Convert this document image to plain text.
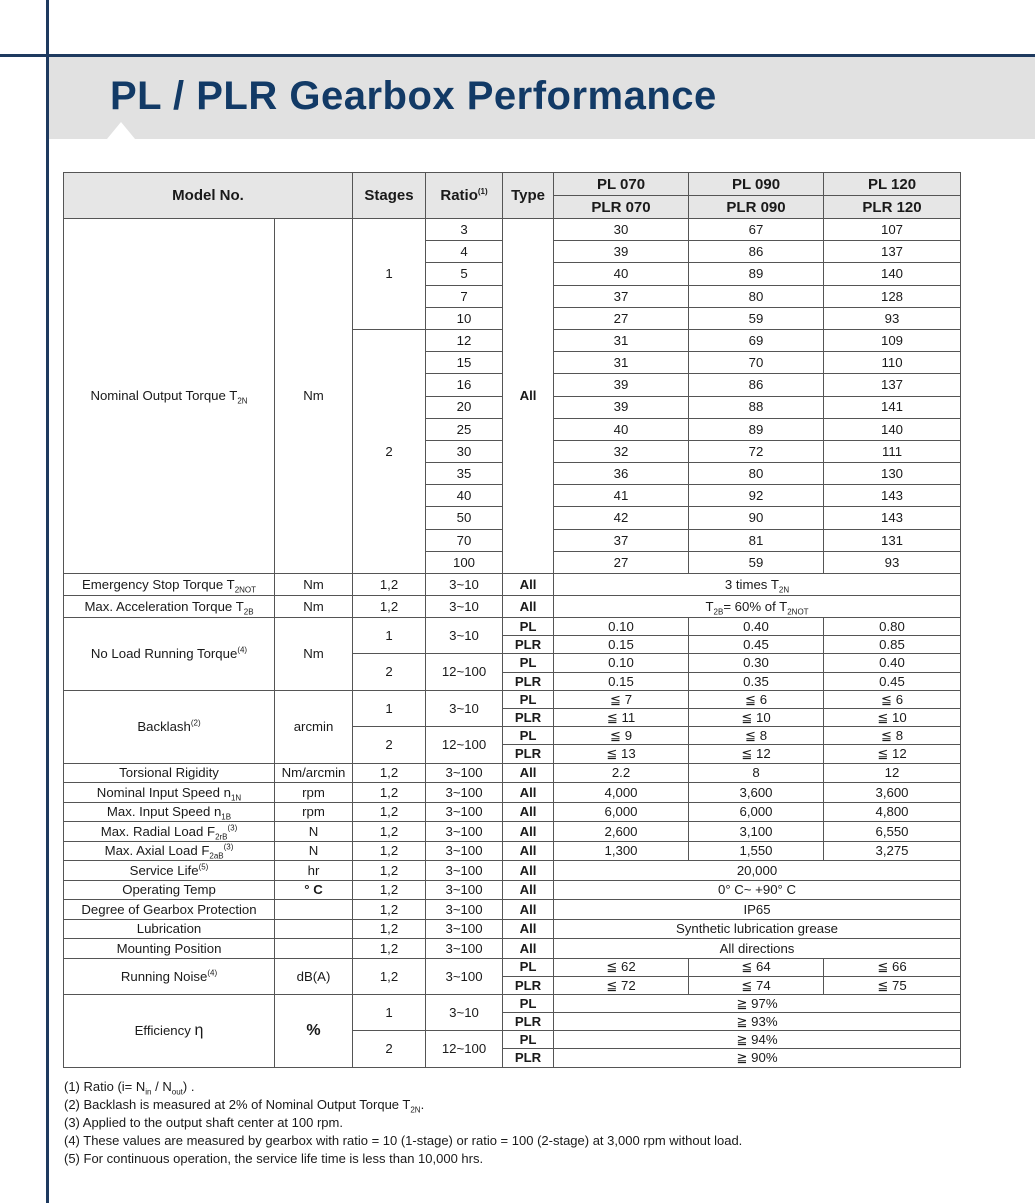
PL / PLR Gearbox Performance
Model No.		Stages	Ratio$^{(1)}$	Type	PL 070	PL 090	PL 120
					PLR 070	PLR 090	PLR 120
Nominal Output Torque $T_{2N}$	Nm	1	3	All	30	67	107
			4		39	86	137
			5		40	89	140
			7		37	80	128
			10		27	59	93
		2	12		31	69	109
			15		31	70	110
			16		39	86	137
			20		39	88	141
			25		40	89	140
			30		32	72	111
			35		36	80	130
			40		41	92	143
			50		42	90	143
			70		37	81	131
			100		27	59	93
Emergency Stop Torque $T_{2NOT}$	Nm	1,2	3~10	All	3 times $T_{2N}$
Max. Acceleration Torque $T_{2B}$	Nm	1,2	3~10	All	$T_{2B}= 60\%$ of $T_{2NOT}$
No Load Running Torque$^{(4)}$	Nm	1	3~10	PL	0.10	0.40	0.80
				PLR	0.15	0.45	0.85
		2	12~100	PL	0.10	0.30	0.40
				PLR	0.15	0.35	0.45
Backlash$^{(2)}$	arcmin	1	3~10	PL	≦ 7	≦ 6	≦ 6
				PLR	≦ 11	≦ 10	≦ 10
		2	12~100	PL	≦ 9	≦ 8	≦ 8
				PLR	≦ 13	≦ 12	≦ 12
Torsional Rigidity	Nm/arcmin	1,2	3~100	All	2.2	8	12
Nominal Input Speed $n_{1N}$	rpm	1,2	3~100	All	4,000	3,600	3,600
Max. Input Speed $n_{1B}$	rpm	1,2	3~100	All	6,000	6,000	4,800
Max. Radial Load $F_{2rB}^{(3)}$	N	1,2	3~100	All	2,600	3,100	6,550
Max. Axial Load $F_{2aB}^{(3)}$	N	1,2	3~100	All	1,300	1,550	3,275
Service Life$^{(5)}$	hr	1,2	3~100	All	20,000		
Operating Temp	° C	1,2	3~100	All	0° C~ +90° C		
Degree of Gearbox Protection		1,2	3~100	All	IP65		
Lubrication		1,2	3~100	All	Synthetic lubrication grease		
Mounting Position		1,2	3~100	All	All directions		
Running Noise$^{(4)}$	dB(A)	1,2	3~100	PL	≦ 62	≦ 64	≦ 66
				PLR	≦ 72	≦ 74	≦ 75
Efficiency η	%	1	3~10	PL	≧ 97%		
				PLR	≧ 93%		
		2	12~100	PL	≧ 94%		
				PLR	≧ 90%		
(1) Ratio $(i= N_{in} / N_{out})$ .
(2) Backlash is measured at 2% of Nominal Output Torque $T_{2N}$.
(3) Applied to the output shaft center at 100 rpm.
(4) These values are measured by gearbox with ratio = 10 (1-stage) or ratio = 100 (2-stage) at 3,000 rpm without load.
(5) For continuous operation, the service life time is less than 10,000 hrs.
